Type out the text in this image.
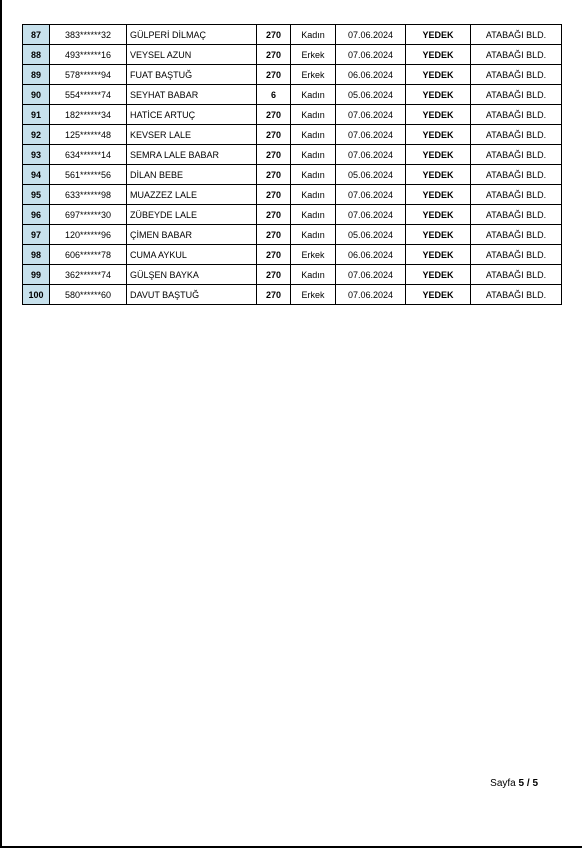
87	383******32	GÜLPERİ DİLMAÇ	270	Kadın	07.06.2024	YEDEK	ATABAĞI BLD.
88	493******16	VEYSEL AZUN	270	Erkek	07.06.2024	YEDEK	ATABAĞI BLD.
89	578******94	FUAT BAŞTUĞ	270	Erkek	06.06.2024	YEDEK	ATABAĞI BLD.
90	554******74	SEYHAT BABAR	6	Kadın	05.06.2024	YEDEK	ATABAĞI BLD.
91	182******34	HATİCE ARTUÇ	270	Kadın	07.06.2024	YEDEK	ATABAĞI BLD.
92	125******48	KEVSER LALE	270	Kadın	07.06.2024	YEDEK	ATABAĞI BLD.
93	634******14	SEMRA LALE BABAR	270	Kadın	07.06.2024	YEDEK	ATABAĞI BLD.
94	561******56	DİLAN BEBE	270	Kadın	05.06.2024	YEDEK	ATABAĞI BLD.
95	633******98	MUAZZEZ LALE	270	Kadın	07.06.2024	YEDEK	ATABAĞI BLD.
96	697******30	ZÜBEYDE LALE	270	Kadın	07.06.2024	YEDEK	ATABAĞI BLD.
97	120******96	ÇİMEN BABAR	270	Kadın	05.06.2024	YEDEK	ATABAĞI BLD.
98	606******78	CUMA AYKUL	270	Erkek	06.06.2024	YEDEK	ATABAĞI BLD.
99	362******74	GÜLŞEN BAYKA	270	Kadın	07.06.2024	YEDEK	ATABAĞI BLD.
100	580******60	DAVUT BAŞTUĞ	270	Erkek	07.06.2024	YEDEK	ATABAĞI BLD.
Sayfa 5 / 5
